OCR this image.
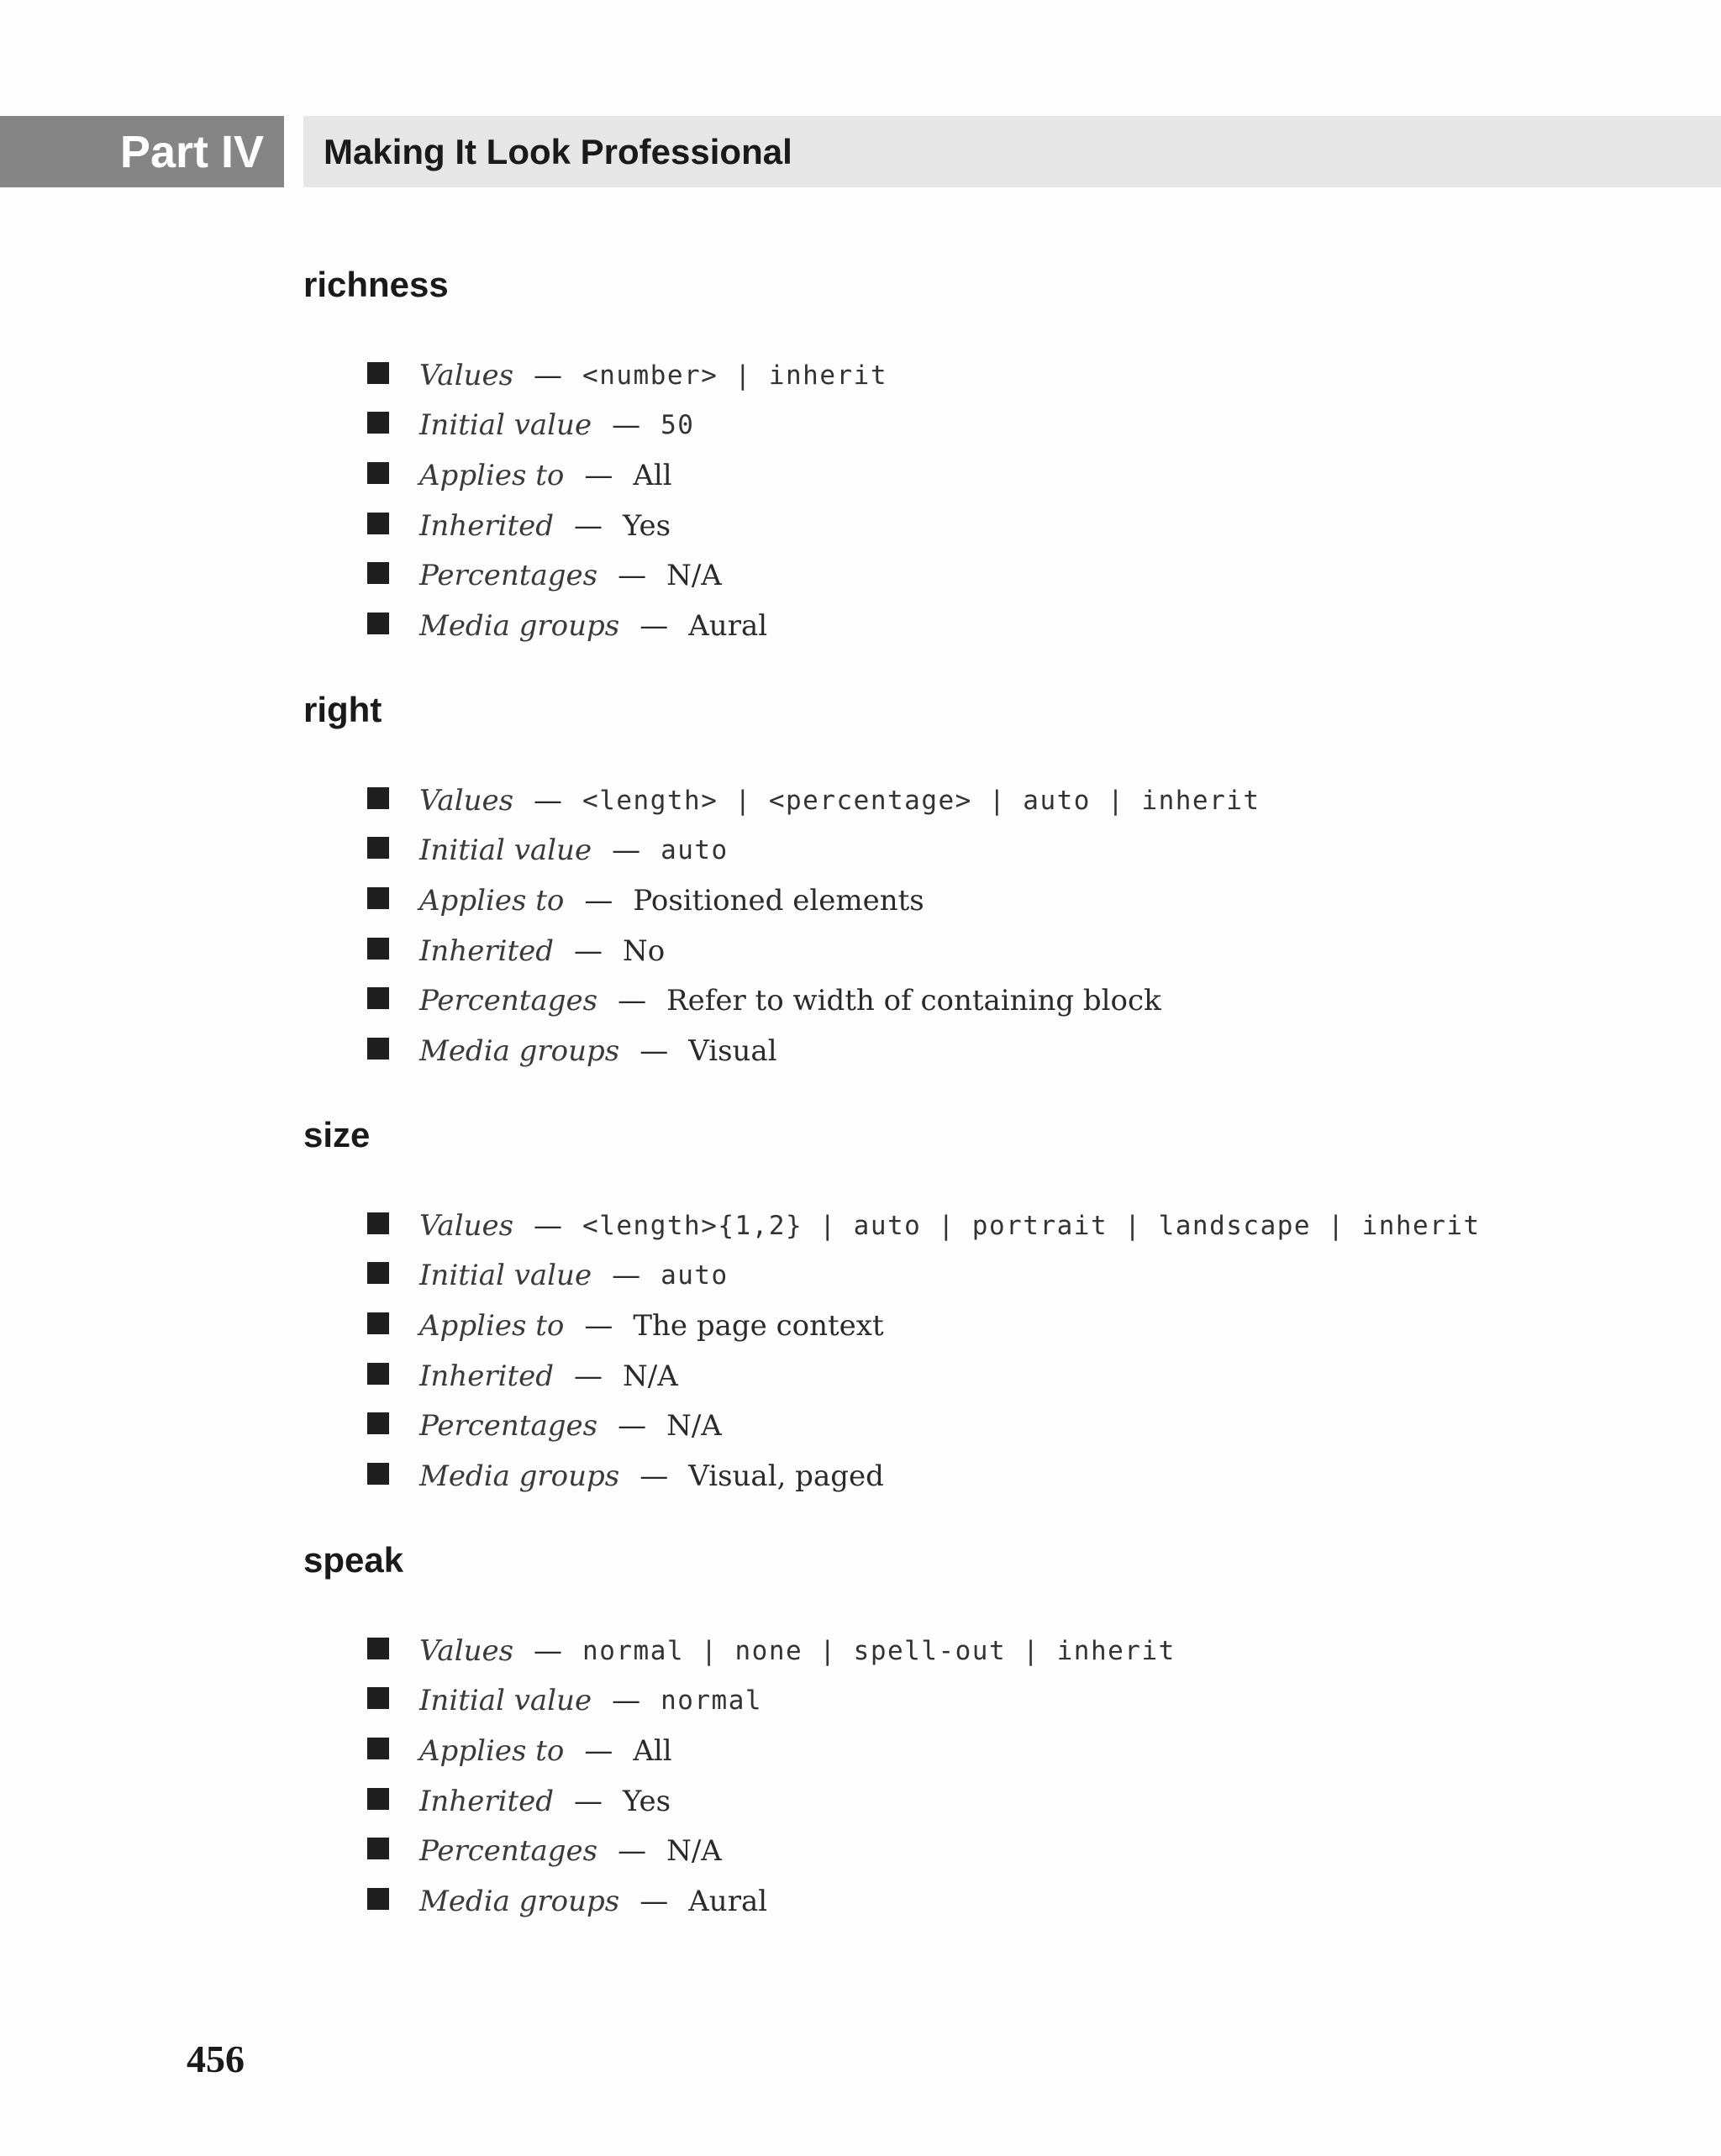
Part IV Making It Look Professional
richness
Values — <number> | inherit
Initial value — 50
Applies to — All
Inherited — Yes
Percentages — N/A
Media groups — Aural
right
Values — <length> | <percentage> | auto | inherit
Initial value — auto
Applies to — Positioned elements
Inherited — No
Percentages — Refer to width of containing block
Media groups — Visual
size
Values — <length>{1,2} | auto | portrait | landscape | inherit
Initial value — auto
Applies to — The page context
Inherited — N/A
Percentages — N/A
Media groups — Visual, paged
speak
Values — normal | none | spell-out | inherit
Initial value — normal
Applies to — All
Inherited — Yes
Percentages — N/A
Media groups — Aural
456
